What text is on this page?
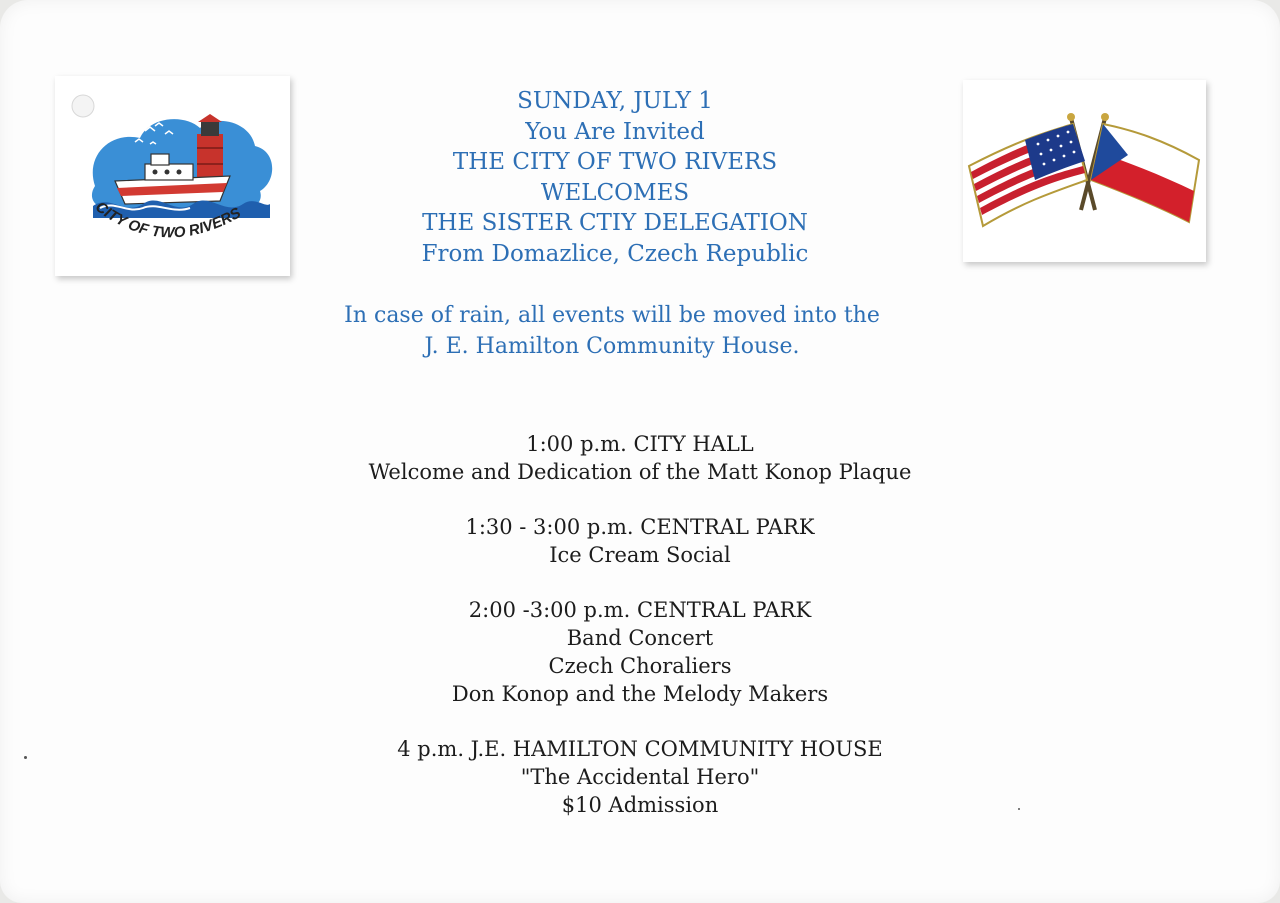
CITY OF TWO RIVERS
SUNDAY, JULY 1
You Are Invited
THE CITY OF TWO RIVERS
WELCOMES
THE SISTER CTIY DELEGATION
From Domazlice, Czech Republic
In case of rain, all events will be moved into the
J. E. Hamilton Community House.
1:00 p.m. CITY HALL
Welcome and Dedication of the Matt Konop Plaque
1:30 - 3:00 p.m. CENTRAL PARK
Ice Cream Social
2:00 -3:00 p.m. CENTRAL PARK
Band Concert
Czech Choraliers
Don Konop and the Melody Makers
4 p.m. J.E. HAMILTON COMMUNITY HOUSE
"The Accidental Hero"
$10 Admission
